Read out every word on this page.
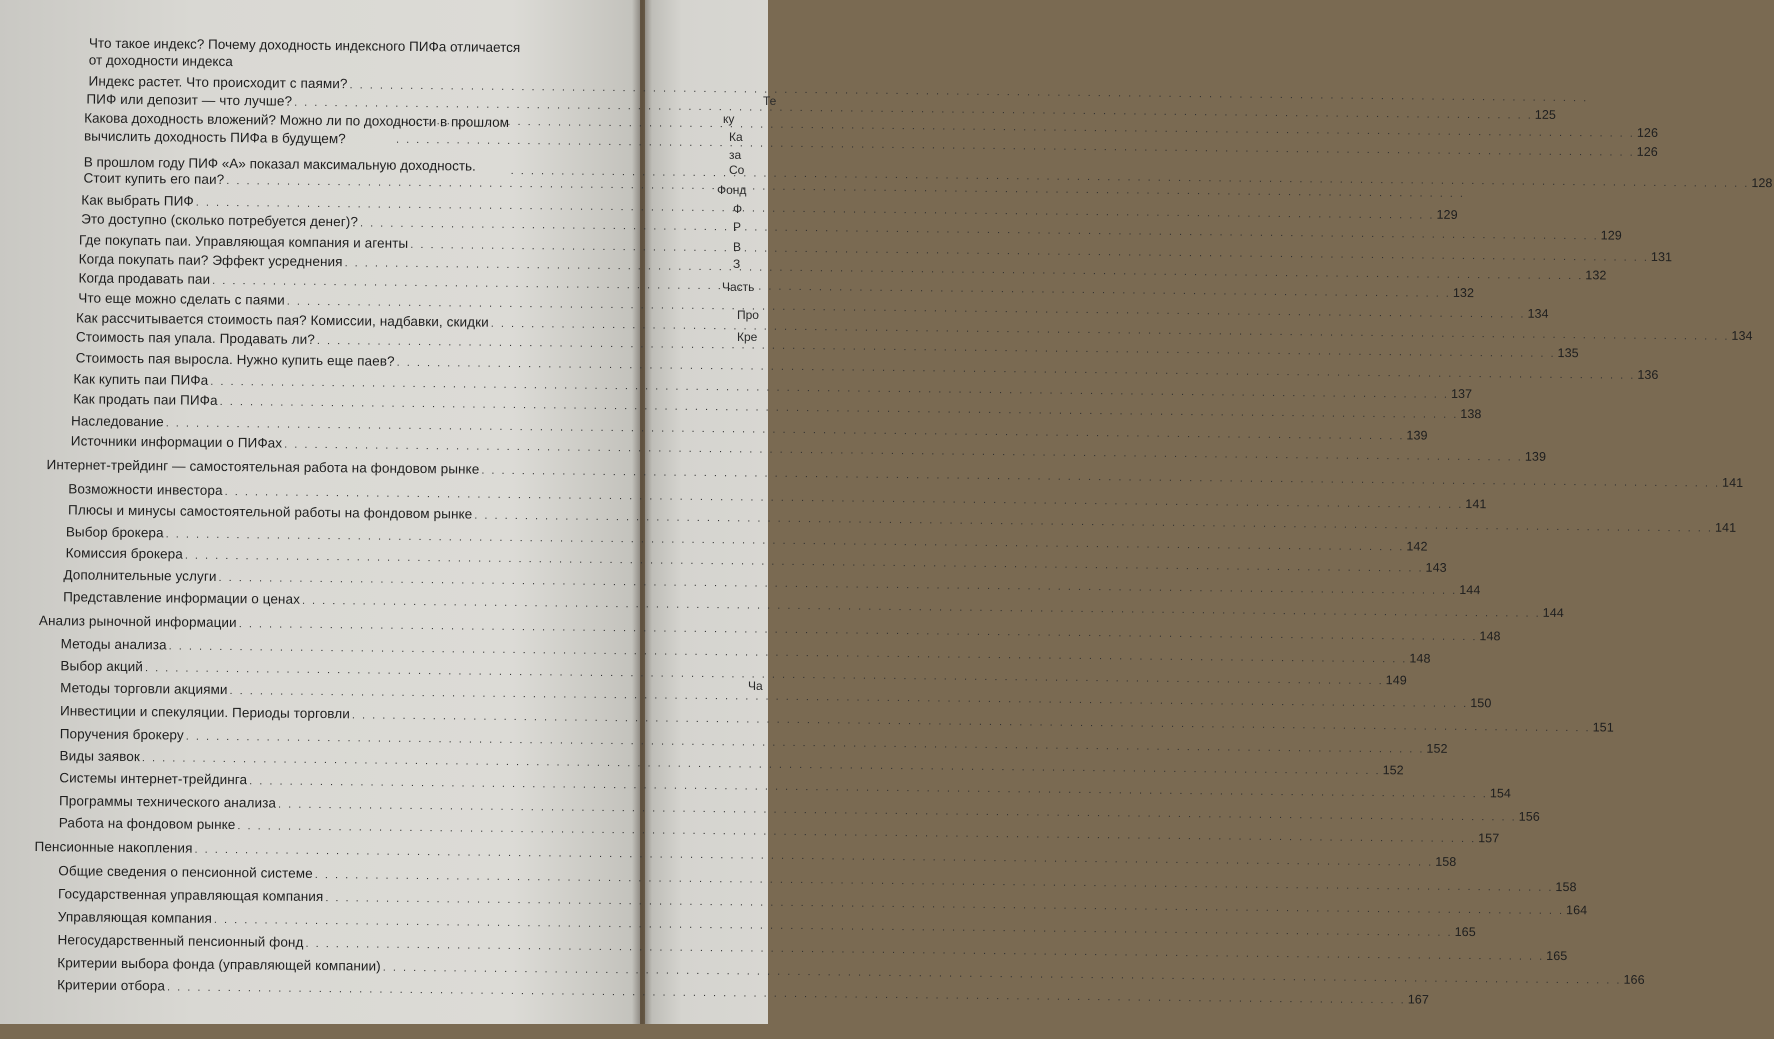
Те
ку
Ка
за
Со
Фонд
Ф
Р
В
З
Часть
Про
Кре
Ча
Что такое индекс? Почему доходность индексного ПИФа отличается
от доходности индекса
Каковa доходность вложений? Можно ли по доходности в прошлом
вычислить доходность ПИФа в будущем?
В прошлом году ПИФ «А» показал максимальную доходность.
Индекс растет. Что происходит с паями?
. . .
ПИФ или депозит — что лучше?
. . .
125
. . .
126
. . .
126
. . .
128
Стоит купить его паи?
. . .
Как выбрать ПИФ
. . .
129
Это доступно (сколько потребуется денег)?
. . .
129
Где покупать паи. Управляющая компания и агенты
. . .
131
Когда покупать паи? Эффект усреднения
. . .
132
Когда продавать паи
. . .
132
Что еще можно сделать с паями
. . .
134
Как рассчитывается стоимость пая? Комиссии, надбавки, скидки
. . .
134
Стоимость пая упала. Продавать ли?
. . .
135
Стоимость пая выросла. Нужно купить еще паев?
. . .
136
Как купить паи ПИФа
. . .
137
Как продать паи ПИФа
. . .
138
Наследование
. . .
139
Источники информации о ПИФах
. . .
139
Интернет-трейдинг — самостоятельная работа на фондовом рынке
. . .
141
Возможности инвестора
. . .
141
Плюсы и минусы самостоятельной работы на фондовом рынке
. . .
141
Выбор брокера
. . .
142
Комиссия брокера
. . .
143
Дополнительные услуги
. . .
144
Представление информации о ценах
. . .
144
Анализ рыночной информации
. . .
148
Методы анализа
. . .
148
Выбор акций
. . .
149
Методы торговли акциями
. . .
150
Инвестиции и спекуляции. Периоды торговли
. . .
151
Поручения брокеру
. . .
152
Виды заявок
. . .
152
Системы интернет-трейдинга
. . .
154
Программы технического анализа
. . .
156
Работа на фондовом рынке
. . .
157
Пенсионные накопления
. . .
158
Общие сведения о пенсионной системе
. . .
158
Государственная управляющая компания
. . .
164
Управляющая компания
. . .
165
Негосударственный пенсионный фонд
. . .
165
Критерии выбора фонда (управляющей компании)
. . .
166
Критерии отбора
. . .
167
